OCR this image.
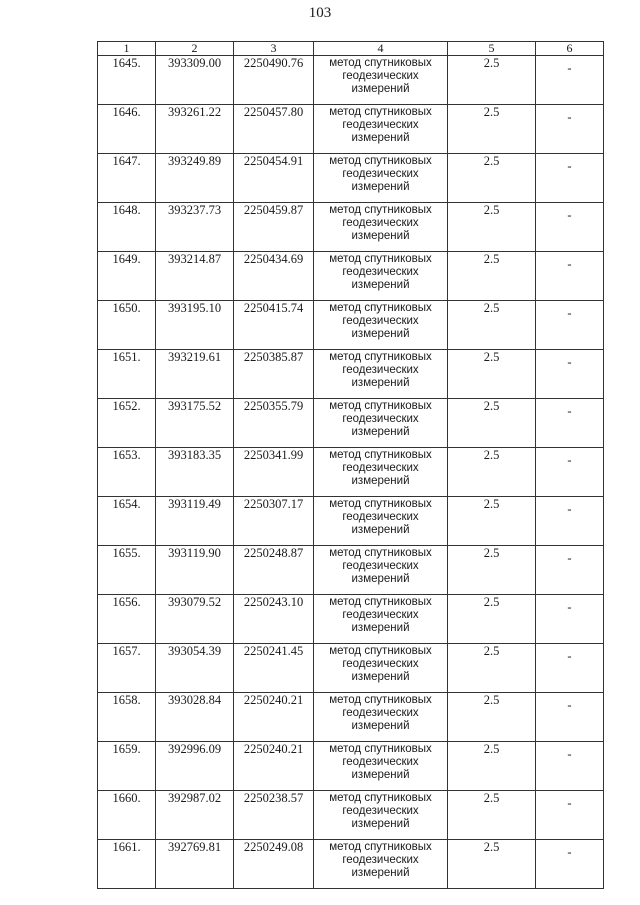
103
1	2	3	4	5	6
1645.	393309.00	2250490.76	метод спутниковых геодезических измерений	2.5	-
1646.	393261.22	2250457.80	метод спутниковых геодезических измерений	2.5	-
1647.	393249.89	2250454.91	метод спутниковых геодезических измерений	2.5	-
1648.	393237.73	2250459.87	метод спутниковых геодезических измерений	2.5	-
1649.	393214.87	2250434.69	метод спутниковых геодезических измерений	2.5	-
1650.	393195.10	2250415.74	метод спутниковых геодезических измерений	2.5	-
1651.	393219.61	2250385.87	метод спутниковых геодезических измерений	2.5	-
1652.	393175.52	2250355.79	метод спутниковых геодезических измерений	2.5	-
1653.	393183.35	2250341.99	метод спутниковых геодезических измерений	2.5	-
1654.	393119.49	2250307.17	метод спутниковых геодезических измерений	2.5	-
1655.	393119.90	2250248.87	метод спутниковых геодезических измерений	2.5	-
1656.	393079.52	2250243.10	метод спутниковых геодезических измерений	2.5	-
1657.	393054.39	2250241.45	метод спутниковых геодезических измерений	2.5	-
1658.	393028.84	2250240.21	метод спутниковых геодезических измерений	2.5	-
1659.	392996.09	2250240.21	метод спутниковых геодезических измерений	2.5	-
1660.	392987.02	2250238.57	метод спутниковых геодезических измерений	2.5	-
1661.	392769.81	2250249.08	метод спутниковых геодезических измерений	2.5	-
